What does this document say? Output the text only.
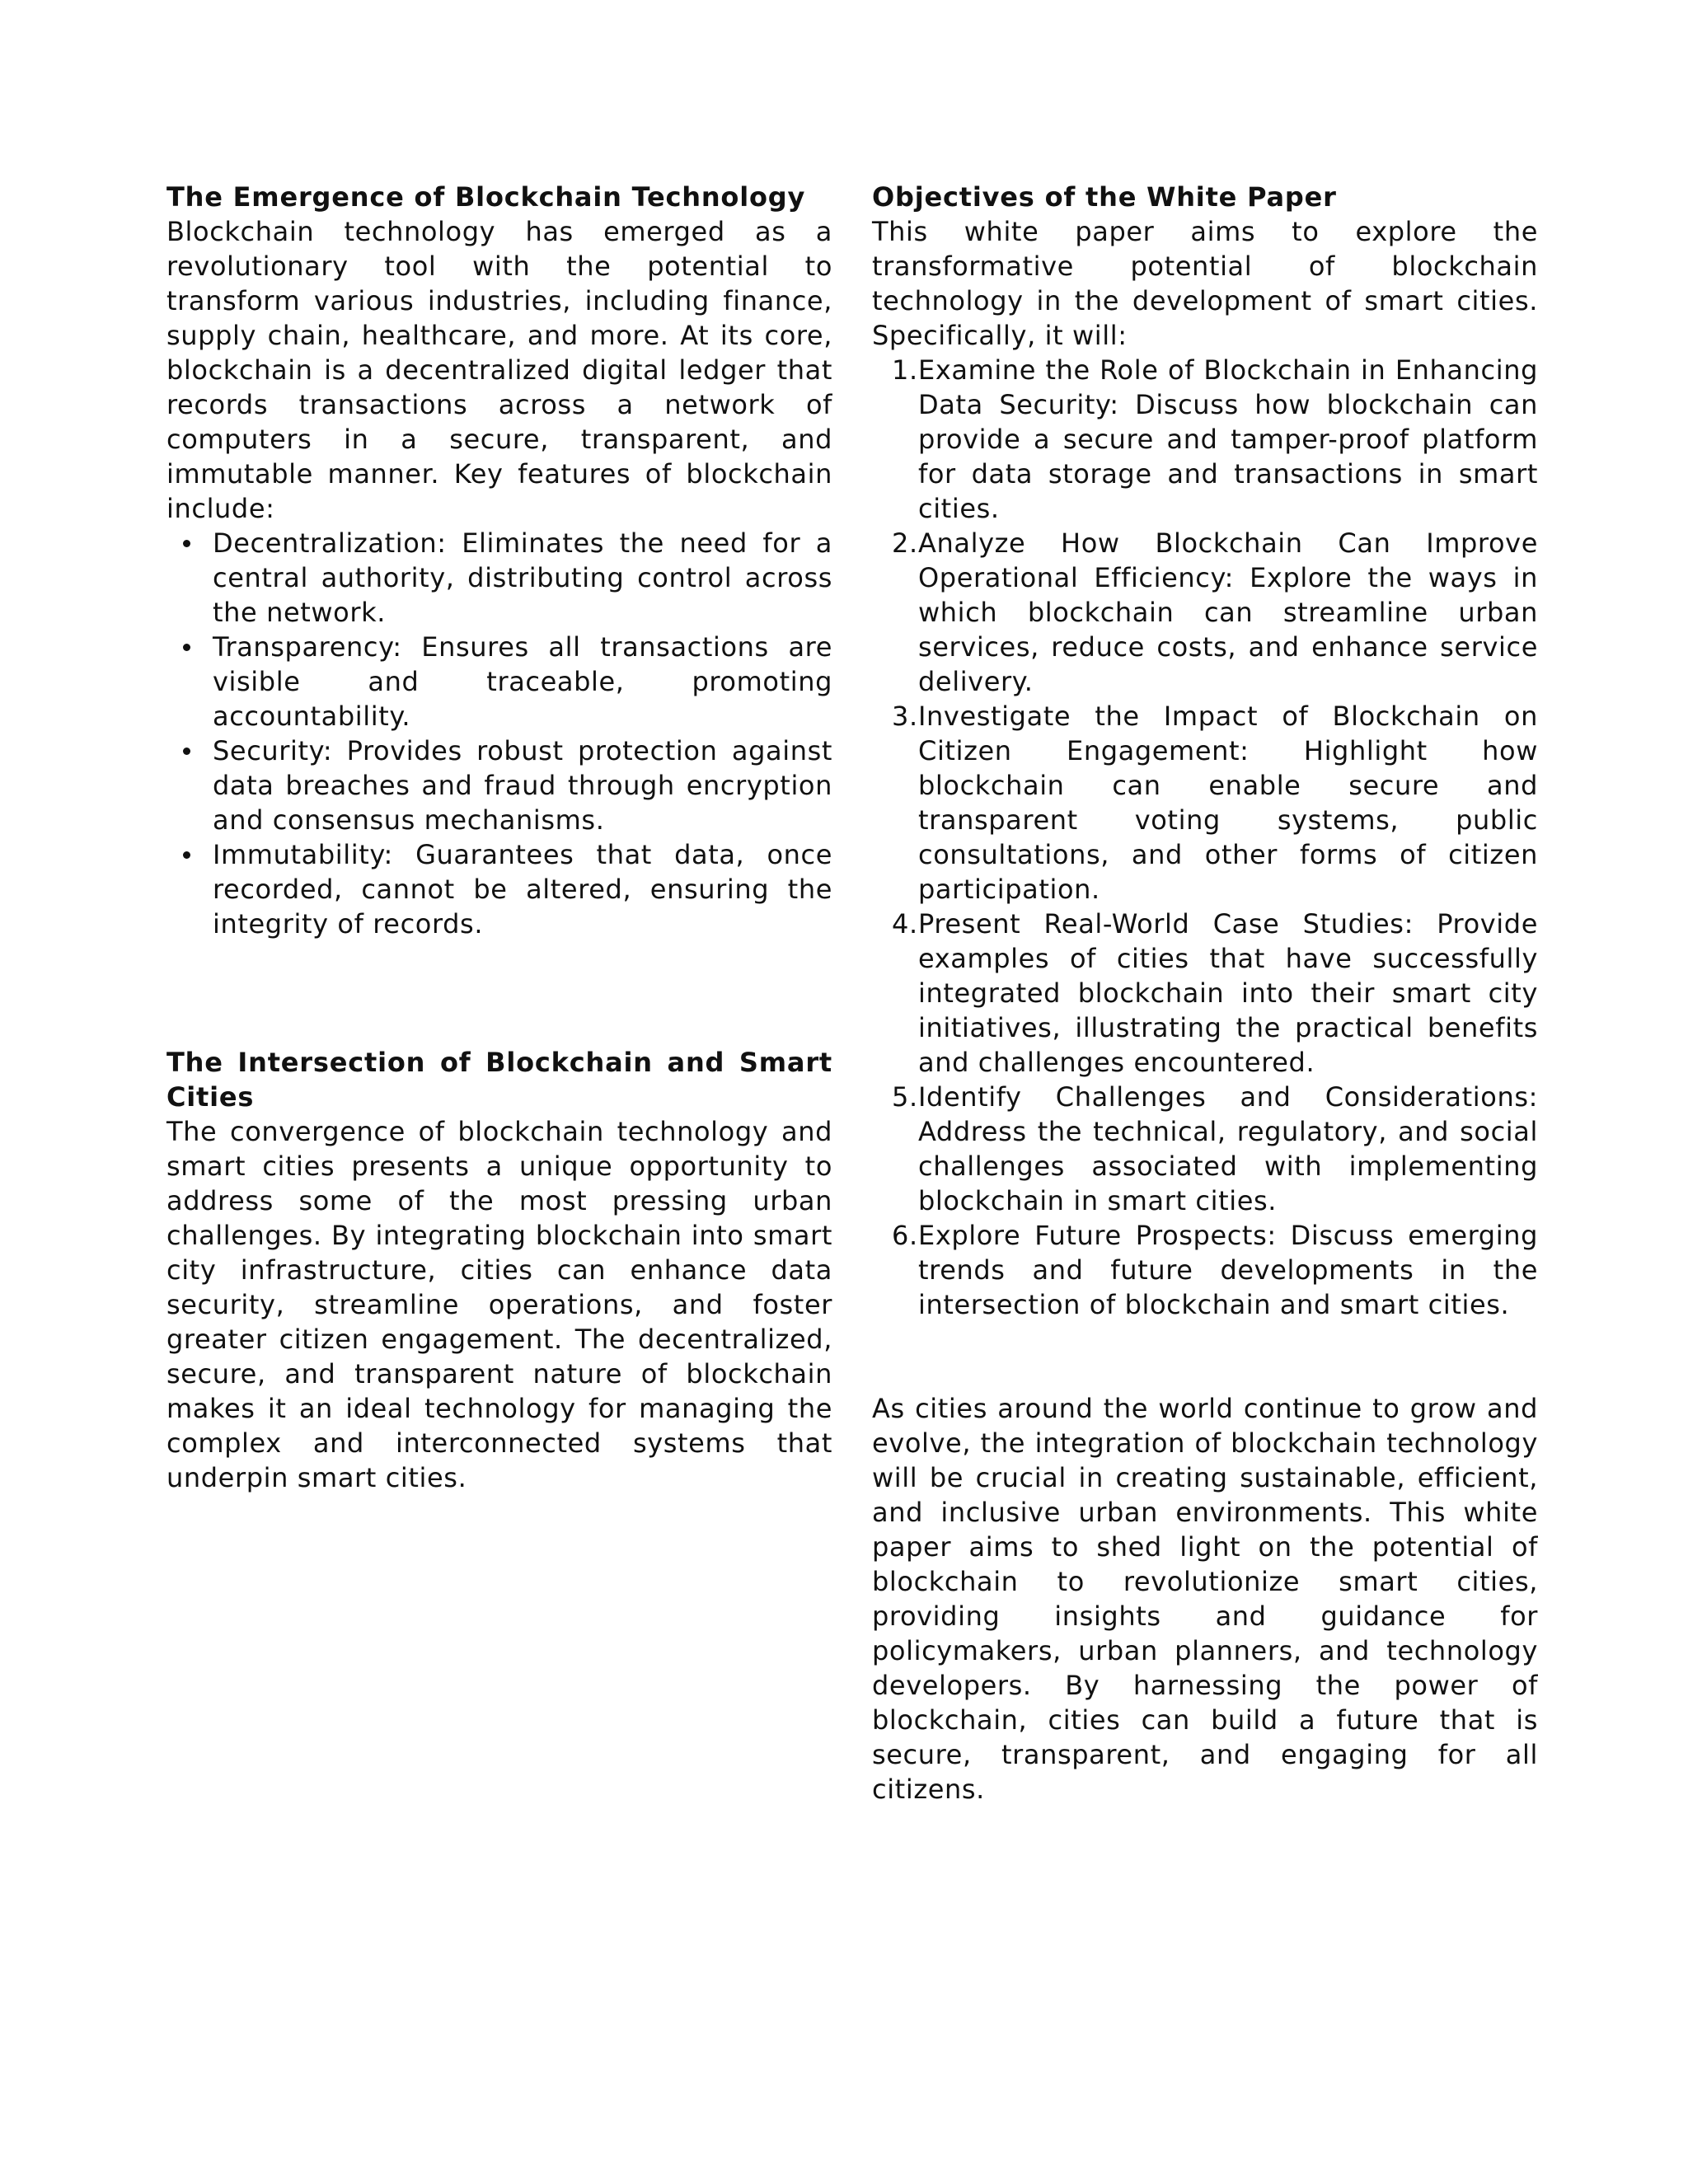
The Emergence of Blockchain Technology

Blockchain technology has emerged as a revolutionary tool with the potential to transform various industries, including finance, supply chain, healthcare, and more. At its core, blockchain is a decentralized digital ledger that records transactions across a network of computers in a secure, transparent, and immutable manner. Key features of blockchain include:

Decentralization: Eliminates the need for a central authority, distributing control across the network.
Transparency: Ensures all transactions are visible and traceable, promoting accountability.
Security: Provides robust protection against data breaches and fraud through encryption and consensus mechanisms.
Immutability: Guarantees that data, once recorded, cannot be altered, ensuring the integrity of records.
The Intersection of Blockchain and Smart Cities

The convergence of blockchain technology and smart cities presents a unique opportunity to address some of the most pressing urban challenges. By integrating blockchain into smart city infrastructure, cities can enhance data security, streamline operations, and foster greater citizen engagement. The decentralized, secure, and transparent nature of blockchain makes it an ideal technology for managing the complex and interconnected systems that underpin smart cities.

Objectives of the White Paper

This white paper aims to explore the transformative potential of blockchain technology in the development of smart cities. Specifically, it will:

1. Examine the Role of Blockchain in Enhancing Data Security: Discuss how blockchain can provide a secure and tamper-proof platform for data storage and transactions in smart cities.
2. Analyze How Blockchain Can Improve Operational Efficiency: Explore the ways in which blockchain can streamline urban services, reduce costs, and enhance service delivery.
3. Investigate the Impact of Blockchain on Citizen Engagement: Highlight how blockchain can enable secure and transparent voting systems, public consultations, and other forms of citizen participation.
4. Present Real-World Case Studies: Provide examples of cities that have successfully integrated blockchain into their smart city initiatives, illustrating the practical benefits and challenges encountered.
5. Identify Challenges and Considerations: Address the technical, regulatory, and social challenges associated with implementing blockchain in smart cities.
6. Explore Future Prospects: Discuss emerging trends and future developments in the intersection of blockchain and smart cities.

As cities around the world continue to grow and evolve, the integration of blockchain technology will be crucial in creating sustainable, efficient, and inclusive urban environments. This white paper aims to shed light on the potential of blockchain to revolutionize smart cities, providing insights and guidance for policymakers, urban planners, and technology developers. By harnessing the power of blockchain, cities can build a future that is secure, transparent, and engaging for all citizens.
